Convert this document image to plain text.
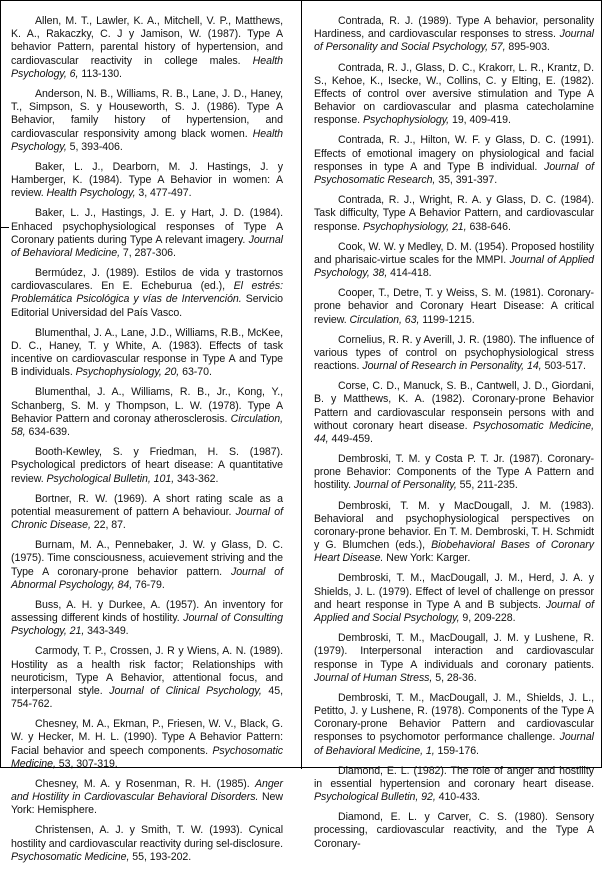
Allen, M. T., Lawler, K. A., Mitchell, V. P., Matthews, K. A., Rakaczky, C. J y Jamison, W. (1987). Type A behavior Pattern, parental history of hypertension, and cardiovascular reactivity in college males. Health Psychology, 6, 113-130.

Anderson, N. B., Williams, R. B., Lane, J. D., Haney, T., Simpson, S. y Houseworth, S. J. (1986). Type A Behavior, family history of hypertension, and cardiovascular responsivity among black women. Health Psychology, 5, 393-406.

Baker, L. J., Dearborn, M. J. Hastings, J. y Hamberger, K. (1984). Type A Behavior in women: A review. Health Psychology, 3, 477-497.

Baker, L. J., Hastings, J. E. y Hart, J. D. (1984). Enhaced psychophysiological responses of Type A Coronary patients during Type A relevant imagery. Journal of Behavioral Medicine, 7, 287-306.

Bermúdez, J. (1989). Estilos de vida y trastornos cardiovasculares. En E. Echeburua (ed.), El estrés: Problemática Psicológica y vías de Intervención. Servicio Editorial Universidad del País Vasco.

Blumenthal, J. A., Lane, J.D., Williams, R.B., McKee, D. C., Haney, T. y White, A. (1983). Effects of task incentive on cardiovascular response in Type A and Type B individuals. Psychophysiology, 20, 63-70.

Blumenthal, J. A., Williams, R. B., Jr., Kong, Y., Schanberg, S. M. y Thompson, L. W. (1978). Type A Behavior Pattern and coronay atherosclerosis. Circulation, 58, 634-639.

Booth-Kewley, S. y Friedman, H. S. (1987). Psychological predictors of heart disease: A quantitative review. Psychological Bulletin, 101, 343-362.

Bortner, R. W. (1969). A short rating scale as a potential measurement of pattern A behaviour. Journal of Chronic Disease, 22, 87.

Burnam, M. A., Pennebaker, J. W. y Glass, D. C. (1975). Time consciousness, acuievement striving and the Type A coronary-prone behavior pattern. Journal of Abnormal Psychology, 84, 76-79.

Buss, A. H. y Durkee, A. (1957). An inventory for assessing different kinds of hostility. Journal of Consulting Psychology, 21, 343-349.

Carmody, T. P., Crossen, J. R y Wiens, A. N. (1989). Hostility as a health risk factor; Relationships with neuroticism, Type A Behavior, attentional focus, and interpersonal style. Journal of Clinical Psychology, 45, 754-762.

Chesney, M. A., Ekman, P., Friesen, W. V., Black, G. W. y Hecker, M. H. L. (1990). Type A Behavior Pattern: Facial behavior and speech components. Psychosomatic Medicine, 53, 307-319.

Chesney, M. A. y Rosenman, R. H. (1985). Anger and Hostility in Cardiovascular Behavioral Disorders. New York: Hemisphere.

Christensen, A. J. y Smith, T. W. (1993). Cynical hostility and cardiovascular reactivity during sel-disclosure. Psychosomatic Medicine, 55, 193-202.

Contrada, R. J. (1989). Type A behavior, personality Hardiness, and cardiovascular responses to stress. Journal of Personality and Social Psychology, 57, 895-903.

Contrada, R. J., Glass, D. C., Krakorr, L. R., Krantz, D. S., Kehoe, K., Isecke, W., Collins, C. y Elting, E. (1982). Effects of control over aversive stimulation and Type A Behavior on cardiovascular and plasma catecholamine response. Psychophysiology, 19, 409-419.

Contrada, R. J., Hilton, W. F. y Glass, D. C. (1991). Effects of emotional imagery on physiological and facial responses in type A and Type B individual. Journal of Psychosomatic Research, 35, 391-397.

Contrada, R. J., Wright, R. A. y Glass, D. C. (1984). Task difficulty, Type A Behavior Pattern, and cardiovascular response. Psychophysiology, 21, 638-646.

Cook, W. W. y Medley, D. M. (1954). Proposed hostility and pharisaic-virtue scales for the MMPI. Journal of Applied Psychology, 38, 414-418.

Cooper, T., Detre, T. y Weiss, S. M. (1981). Coronary-prone behavior and Coronary Heart Disease: A critical review. Circulation, 63, 1199-1215.

Cornelius, R. R. y Averill, J. R. (1980). The influence of various types of control on psychophysiological stress reactions. Journal of Research in Personality, 14, 503-517.

Corse, C. D., Manuck, S. B., Cantwell, J. D., Giordani, B. y Matthews, K. A. (1982). Coronary-prone Behavior Pattern and cardiovascular responsein persons with and without coronary heart disease. Psychosomatic Medicine, 44, 449-459.

Dembroski, T. M. y Costa P. T. Jr. (1987). Coronary-prone Behavior: Components of the Type A Pattern and hostility. Journal of Personality, 55, 211-235.

Dembroski, T. M. y MacDougall, J. M. (1983). Behavioral and psychophysiological perspectives on coronary-prone behavior. En T. M. Dembroski, T. H. Schmidt y G. Blumchen (eds.), Biobehavioral Bases of Coronary Heart Disease. New York: Karger.

Dembroski, T. M., MacDougall, J. M., Herd, J. A. y Shields, J. L. (1979). Effect of level of challenge on pressor and heart response in Type A and B subjects. Journal of Applied and Social Psychology, 9, 209-228.

Dembroski, T. M., MacDougall, J. M. y Lushene, R. (1979). Interpersonal interaction and cardiovascular response in Type A individuals and coronary patients. Journal of Human Stress, 5, 28-36.

Dembroski, T. M., MacDougall, J. M., Shields, J. L., Petitto, J. y Lushene, R. (1978). Components of the Type A Coronary-prone Behavior Pattern and cardiovascular responses to psychomotor performance challenge. Journal of Behavioral Medicine, 1, 159-176.

Diamond, E. L. (1982). The role of anger and hostility in essential hypertension and coronary heart disease. Psychological Bulletin, 92, 410-433.

Diamond, E. L. y Carver, C. S. (1980). Sensory processing, cardiovascular reactivity, and the Type A Coronary-
